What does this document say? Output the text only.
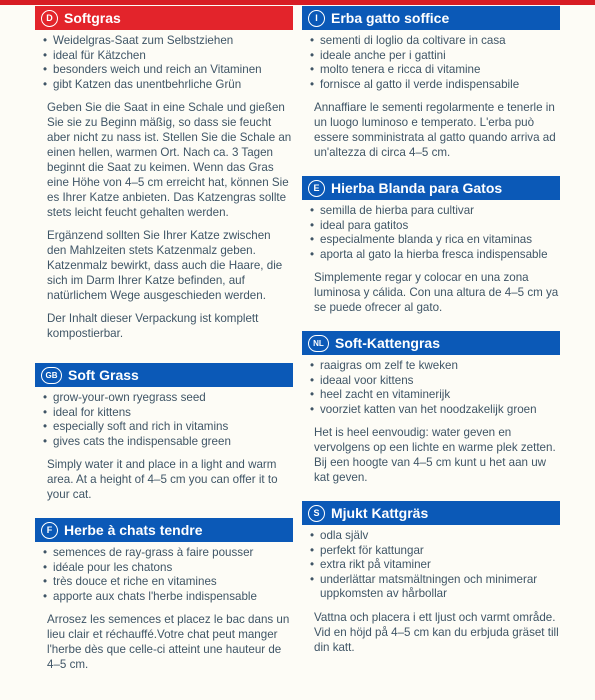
D Softgras
• Weidelgras-Saat zum Selbstziehen
• ideal für Kätzchen
• besonders weich und reich an Vitaminen
• gibt Katzen das unentbehrliche Grün

Geben Sie die Saat in eine Schale und gießen Sie sie zu Beginn mäßig, so dass sie feucht aber nicht zu nass ist. Stellen Sie die Schale an einen hellen, warmen Ort. Nach ca. 3 Tagen beginnt die Saat zu keimen. Wenn das Gras eine Höhe von 4–5 cm erreicht hat, können Sie es Ihrer Katze anbieten. Das Katzengras sollte stets leicht feucht gehalten werden.

Ergänzend sollten Sie Ihrer Katze zwischen den Mahlzeiten stets Katzenmalz geben. Katzenmalz bewirkt, dass auch die Haare, die sich im Darm Ihrer Katze befinden, auf natürlichem Wege ausgeschieden werden.

Der Inhalt dieser Verpackung ist komplett kompostierbar.

GB Soft Grass
• grow-your-own ryegrass seed
• ideal for kittens
• especially soft and rich in vitamins
• gives cats the indispensable green

Simply water it and place in a light and warm area. At a height of 4–5 cm you can offer it to your cat.

F Herbe à chats tendre
• semences de ray-grass à faire pousser
• idéale pour les chatons
• très douce et riche en vitamines
• apporte aux chats l'herbe indispensable

Arrosez les semences et placez le bac dans un lieu clair et réchauffé.Votre chat peut manger l'herbe dès que celle-ci atteint une hauteur de 4–5 cm.

I Erba gatto soffice
• sementi di loglio da coltivare in casa
• ideale anche per i gattini
• molto tenera e ricca di vitamine
• fornisce al gatto il verde indispensabile

Annaffiare le sementi regolarmente e tenerle in un luogo luminoso e temperato. L'erba può essere somministrata al gatto quando arriva ad un'altezza di circa 4–5 cm.

E Hierba Blanda para Gatos
• semilla de hierba para cultivar
• ideal para gatitos
• especialmente blanda y rica en vitaminas
• aporta al gato la hierba fresca indispensable

Simplemente regar y colocar en una zona luminosa y cálida. Con una altura de 4–5 cm ya se puede ofrecer al gato.

NL Soft-Kattengras
• raaigras om zelf te kweken
• ideaal voor kittens
• heel zacht en vitaminerijk
• voorziet katten van het noodzakelijk groen

Het is heel eenvoudig: water geven en vervolgens op een lichte en warme plek zetten. Bij een hoogte van 4–5 cm kunt u het aan uw kat geven.

S Mjukt Kattgräs
• odla själv
• perfekt för kattungar
• extra rikt på vitaminer
• underlättar matsmältningen och minimerar uppkomsten av hårbollar

Vattna och placera i ett ljust och varmt område. Vid en höjd på 4–5 cm kan du erbjuda gräset till din katt.
